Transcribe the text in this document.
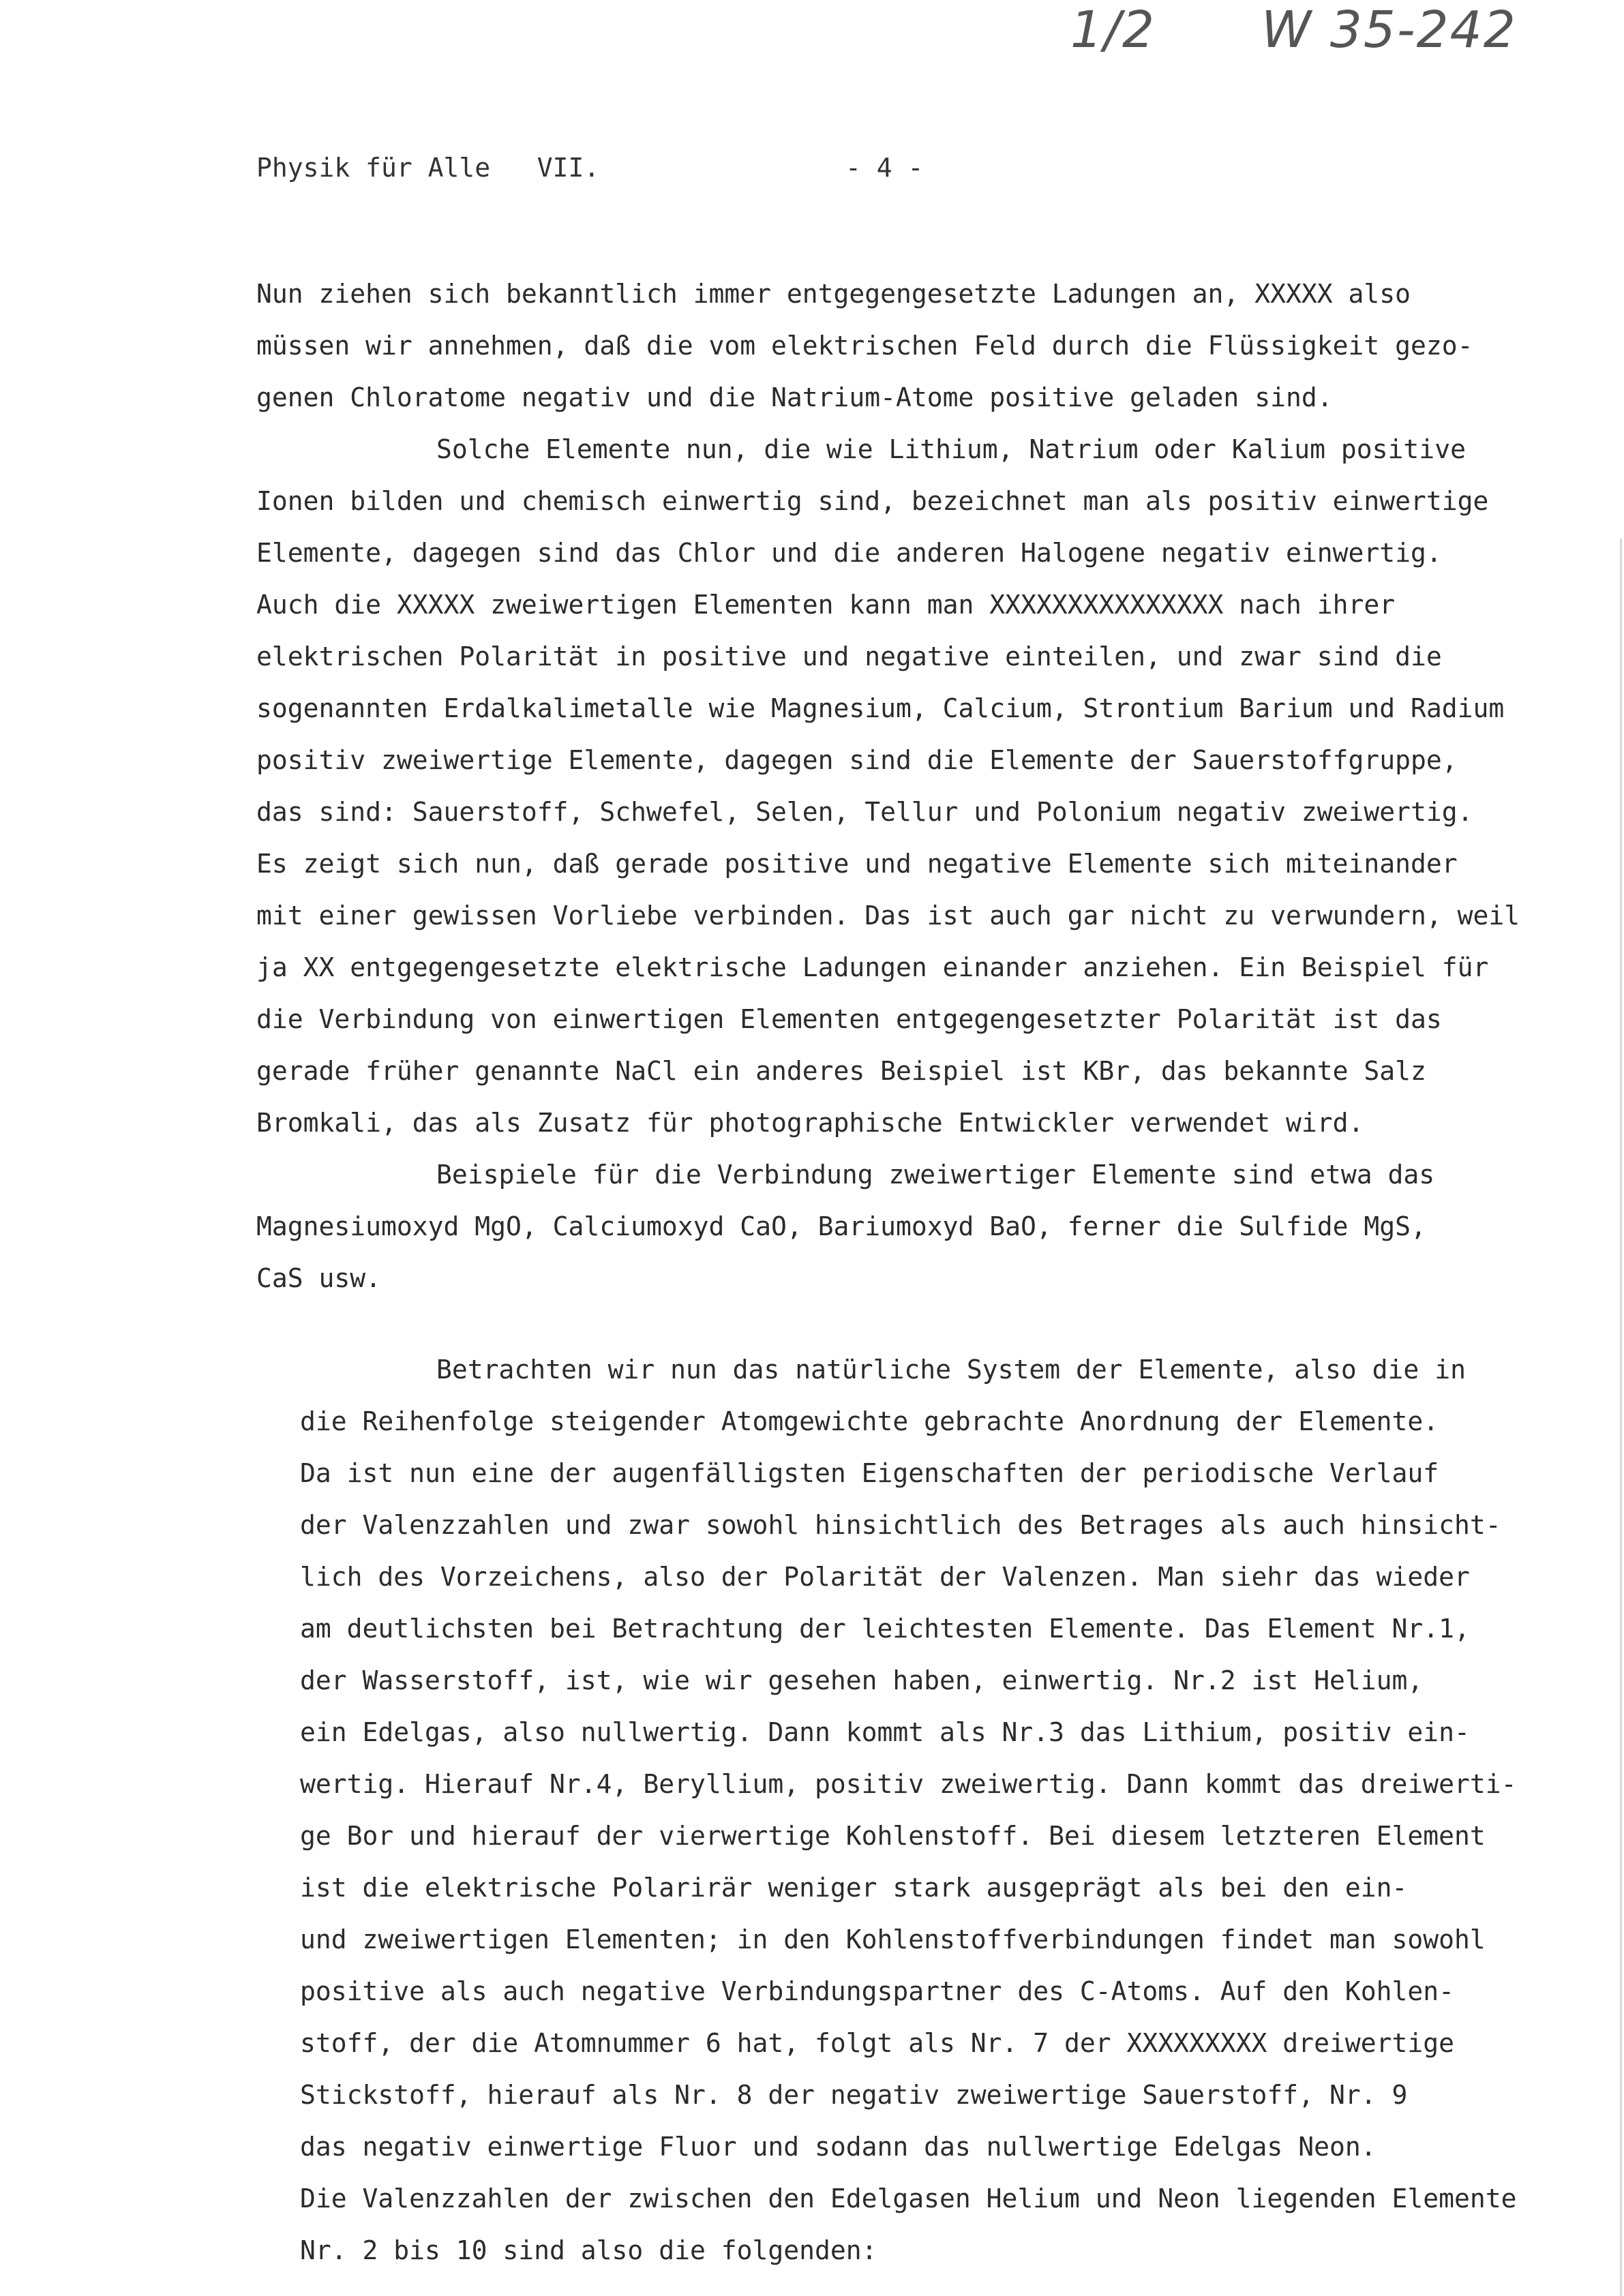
1/2 W 35-242
Physik für Alle   VII.	- 4 -
Nun ziehen sich bekanntlich immer entgegengesetzte Ladungen an, XXXXX also
müssen wir annehmen, daß die vom elektrischen Feld durch die Flüssigkeit gezo-
genen Chloratome negativ und die Natrium-Atome positive geladen sind.
Solche Elemente nun, die wie Lithium, Natrium oder Kalium positive
Ionen bilden und chemisch einwertig sind, bezeichnet man als positiv einwertige
Elemente, dagegen sind das Chlor und die anderen Halogene negativ einwertig.
Auch die XXXXX zweiwertigen Elementen kann man XXXXXXXXXXXXXXX nach ihrer
elektrischen Polarität in positive und negative einteilen, und zwar sind die
sogenannten Erdalkalimetalle wie Magnesium, Calcium, Strontium Barium und Radium
positiv zweiwertige Elemente, dagegen sind die Elemente der Sauerstoffgruppe,
das sind: Sauerstoff, Schwefel, Selen, Tellur und Polonium negativ zweiwertig.
Es zeigt sich nun, daß gerade positive und negative Elemente sich miteinander
mit einer gewissen Vorliebe verbinden. Das ist auch gar nicht zu verwundern, weil
ja XX entgegengesetzte elektrische Ladungen einander anziehen. Ein Beispiel für
die Verbindung von einwertigen Elementen entgegengesetzter Polarität ist das
gerade früher genannte NaCl ein anderes Beispiel ist KBr, das bekannte Salz
Bromkali, das als Zusatz für photographische Entwickler verwendet wird.
Beispiele für die Verbindung zweiwertiger Elemente sind etwa das
Magnesiumoxyd MgO, Calciumoxyd CaO, Bariumoxyd BaO, ferner die Sulfide MgS,
CaS usw.
Betrachten wir nun das natürliche System der Elemente, also die in
die Reihenfolge steigender Atomgewichte gebrachte Anordnung der Elemente.
Da ist nun eine der augenfälligsten Eigenschaften der periodische Verlauf
der Valenzzahlen und zwar sowohl hinsichtlich des Betrages als auch hinsicht-
lich des Vorzeichens, also der Polarität der Valenzen. Man siehr das wieder
am deutlichsten bei Betrachtung der leichtesten Elemente. Das Element Nr.1,
der Wasserstoff, ist, wie wir gesehen haben, einwertig. Nr.2 ist Helium,
ein Edelgas, also nullwertig. Dann kommt als Nr.3 das Lithium, positiv ein-
wertig. Hierauf Nr.4, Beryllium, positiv zweiwertig. Dann kommt das dreiwerti-
ge Bor und hierauf der vierwertige Kohlenstoff. Bei diesem letzteren Element
ist die elektrische Polarirär weniger stark ausgeprägt als bei den ein-
und zweiwertigen Elementen; in den Kohlenstoffverbindungen findet man sowohl
positive als auch negative Verbindungspartner des C-Atoms. Auf den Kohlen-
stoff, der die Atomnummer 6 hat, folgt als Nr. 7 der XXXXXXXXX dreiwertige
Stickstoff, hierauf als Nr. 8 der negativ zweiwertige Sauerstoff, Nr. 9
das negativ einwertige Fluor und sodann das nullwertige Edelgas Neon.
Die Valenzzahlen der zwischen den Edelgasen Helium und Neon liegenden Elemente
Nr. 2 bis 10 sind also die folgenden:
